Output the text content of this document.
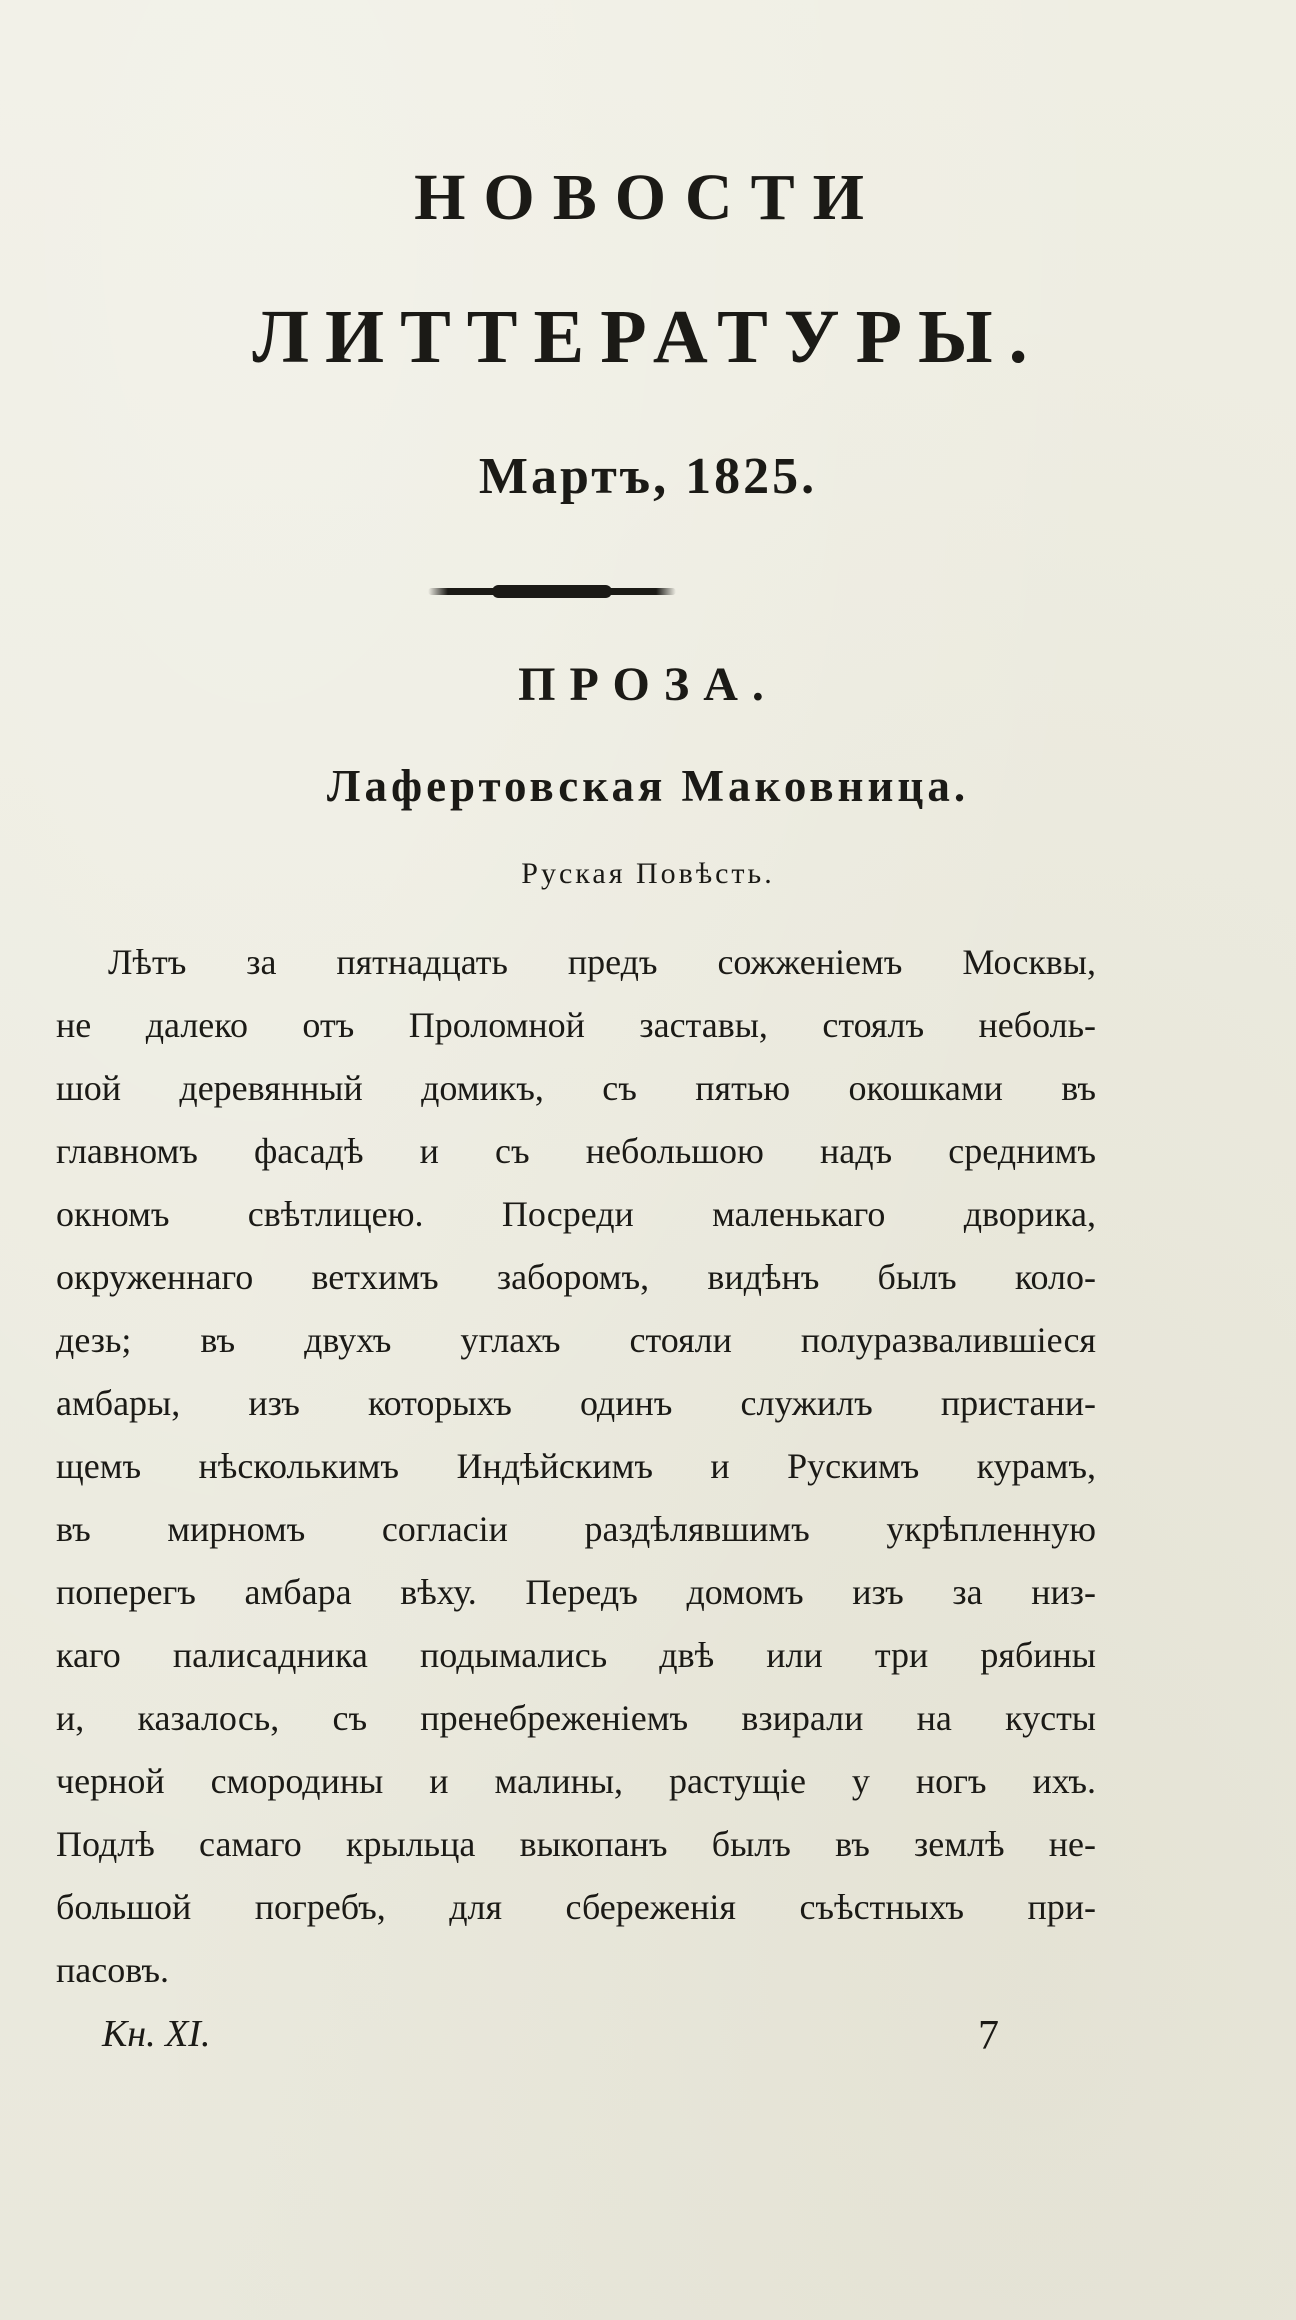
НОВОСТИ
ЛИТТЕРАТУРЫ.
Мартъ, 1825.
ПРОЗА.
Лафертовская Маковница.
Руская Повѣсть.
Лѣтъ за пятнадцать предъ сожженіемъ Москвы,
не далеко отъ Проломной заставы, стоялъ неболь-
шой деревянный домикъ, съ пятью окошками въ
главномъ фасадѣ и съ небольшою надъ среднимъ
окномъ свѣтлицею. Посреди маленькаго дворика,
окруженнаго ветхимъ заборомъ, видѣнъ былъ коло-
дезь; въ двухъ углахъ стояли полуразвалившіеся
амбары, изъ которыхъ одинъ служилъ пристани-
щемъ нѣсколькимъ Индѣйскимъ и Рускимъ курамъ,
въ мирномъ согласіи раздѣлявшимъ укрѣпленную
поперегъ амбара вѣху. Передъ домомъ изъ за низ-
каго палисадника подымались двѣ или три рябины
и, казалось, съ пренебреженіемъ взирали на кусты
черной смородины и малины, растущіе у ногъ ихъ.
Подлѣ самаго крыльца выкопанъ былъ въ землѣ не-
большой погребъ, для сбереженія съѣстныхъ при-
пасовъ.
Кн. XI.	7
